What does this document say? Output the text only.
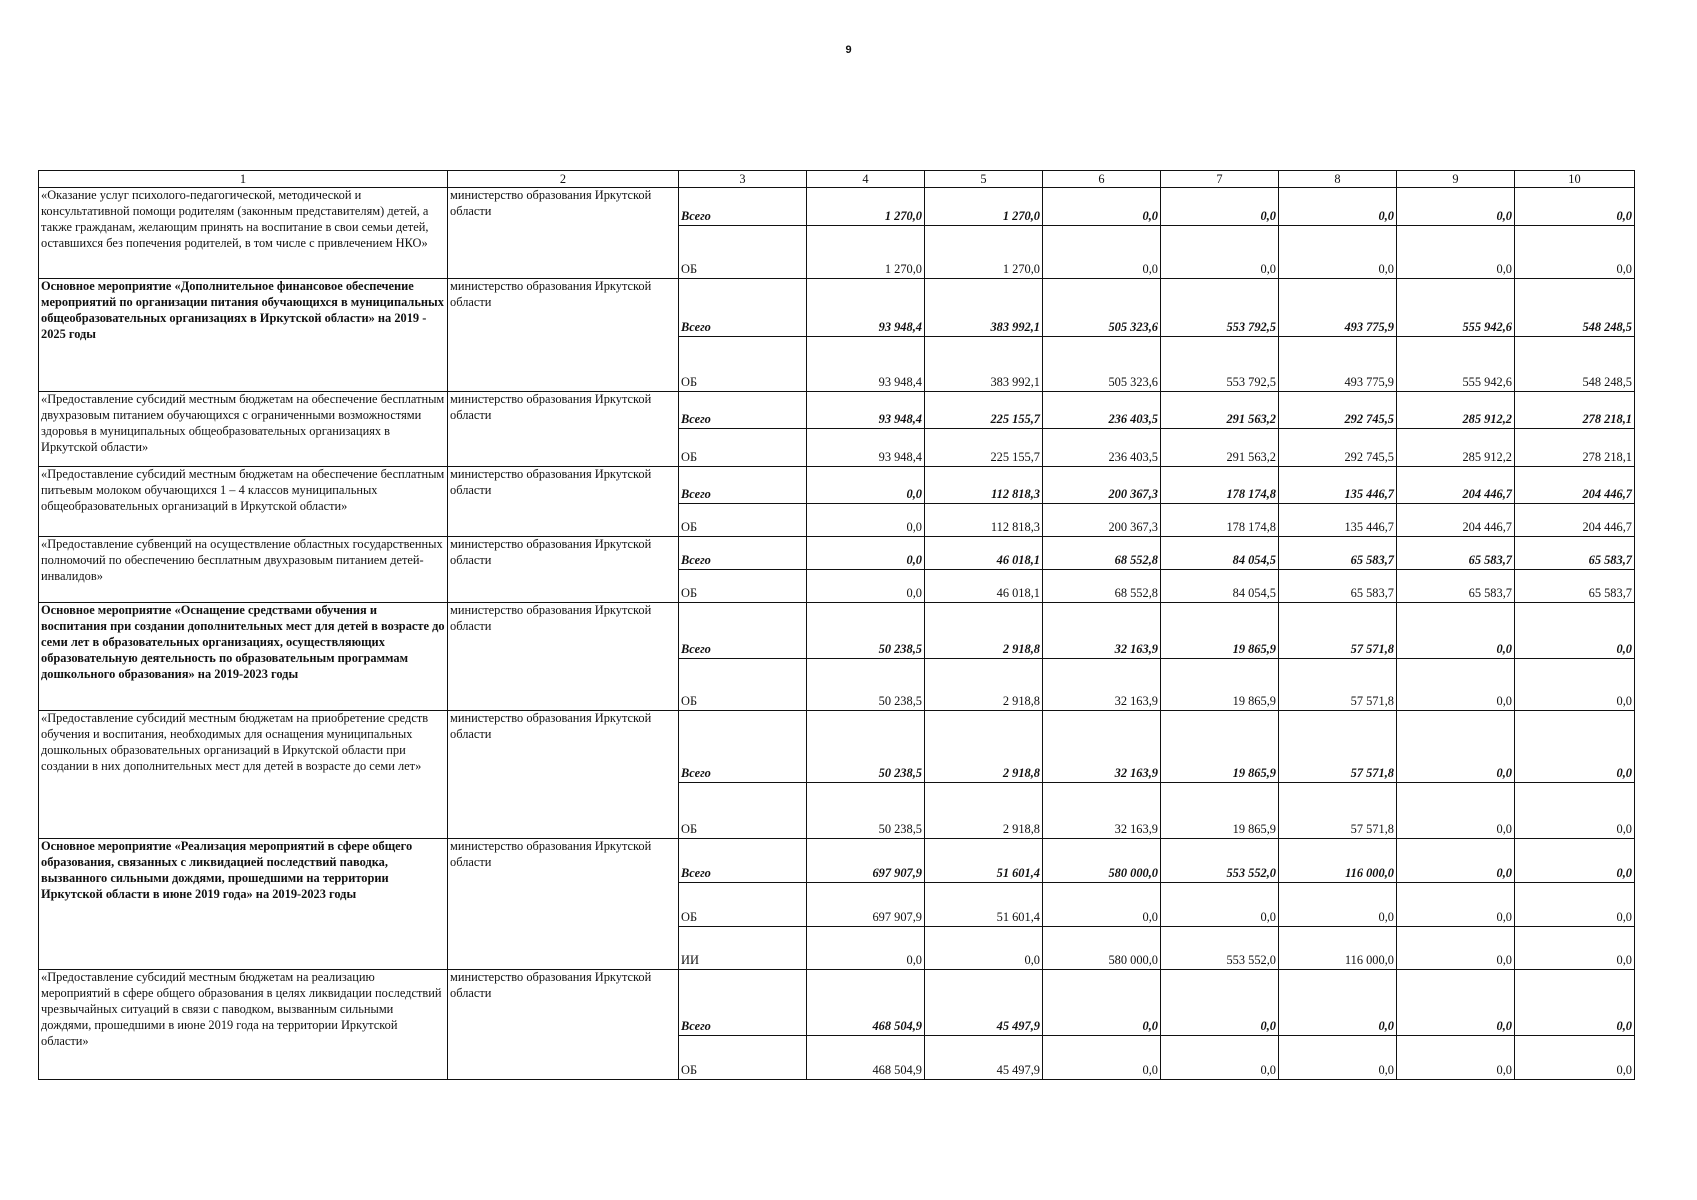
9
1	2	3	4	5	6	7	8	9	10
«Оказание услуг психолого-педагогической, методической и консультативной помощи родителям (законным представителям) детей, а также гражданам, желающим принять на воспитание в свои семьи детей, оставшихся без попечения родителей, в том числе с привлечением НКО»	министерство образования Иркутской области	Всего	1 270,0	1 270,0	0,0	0,0	0,0	0,0	0,0
		ОБ	1 270,0	1 270,0	0,0	0,0	0,0	0,0	0,0
Основное мероприятие «Дополнительное финансовое обеспечение мероприятий по организации питания обучающихся в муниципальных общеобразовательных организациях в Иркутской области» на 2019 - 2025 годы	министерство образования Иркутской области	Всего	93 948,4	383 992,1	505 323,6	553 792,5	493 775,9	555 942,6	548 248,5
		ОБ	93 948,4	383 992,1	505 323,6	553 792,5	493 775,9	555 942,6	548 248,5
«Предоставление субсидий местным бюджетам на обеспечение бесплатным двухразовым питанием обучающихся с ограниченными возможностями здоровья в муниципальных общеобразовательных организациях в Иркутской области»	министерство образования Иркутской области	Всего	93 948,4	225 155,7	236 403,5	291 563,2	292 745,5	285 912,2	278 218,1
		ОБ	93 948,4	225 155,7	236 403,5	291 563,2	292 745,5	285 912,2	278 218,1
«Предоставление субсидий местным бюджетам на обеспечение бесплатным питьевым молоком обучающихся 1 – 4 классов муниципальных общеобразовательных организаций в Иркутской области»	министерство образования Иркутской области	Всего	0,0	112 818,3	200 367,3	178 174,8	135 446,7	204 446,7	204 446,7
		ОБ	0,0	112 818,3	200 367,3	178 174,8	135 446,7	204 446,7	204 446,7
«Предоставление субвенций на осуществление областных государственных полномочий по обеспечению бесплатным двухразовым питанием детей-инвалидов»	министерство образования Иркутской области	Всего	0,0	46 018,1	68 552,8	84 054,5	65 583,7	65 583,7	65 583,7
		ОБ	0,0	46 018,1	68 552,8	84 054,5	65 583,7	65 583,7	65 583,7
Основное мероприятие «Оснащение средствами обучения и воспитания при создании дополнительных мест для детей в возрасте до семи лет в образовательных организациях, осуществляющих образовательную деятельность по образовательным программам дошкольного образования» на 2019-2023 годы	министерство образования Иркутской области	Всего	50 238,5	2 918,8	32 163,9	19 865,9	57 571,8	0,0	0,0
		ОБ	50 238,5	2 918,8	32 163,9	19 865,9	57 571,8	0,0	0,0
«Предоставление субсидий местным бюджетам на приобретение средств обучения и воспитания, необходимых для оснащения муниципальных дошкольных образовательных организаций в Иркутской области при создании в них дополнительных мест для детей в возрасте до семи лет»	министерство образования Иркутской области	Всего	50 238,5	2 918,8	32 163,9	19 865,9	57 571,8	0,0	0,0
		ОБ	50 238,5	2 918,8	32 163,9	19 865,9	57 571,8	0,0	0,0
Основное мероприятие «Реализация мероприятий в сфере общего образования, связанных с ликвидацией последствий паводка, вызванного сильными дождями, прошедшими на территории Иркутской области в июне 2019 года» на 2019-2023 годы	министерство образования Иркутской области	Всего	697 907,9	51 601,4	580 000,0	553 552,0	116 000,0	0,0	0,0
		ОБ	697 907,9	51 601,4	0,0	0,0	0,0	0,0	0,0
		ИИ	0,0	0,0	580 000,0	553 552,0	116 000,0	0,0	0,0
«Предоставление субсидий местным бюджетам на реализацию мероприятий в сфере общего образования в целях ликвидации последствий чрезвычайных ситуаций в связи с паводком, вызванным сильными дождями, прошедшими в июне 2019 года на территории Иркутской области»	министерство образования Иркутской области	Всего	468 504,9	45 497,9	0,0	0,0	0,0	0,0	0,0
		ОБ	468 504,9	45 497,9	0,0	0,0	0,0	0,0	0,0
